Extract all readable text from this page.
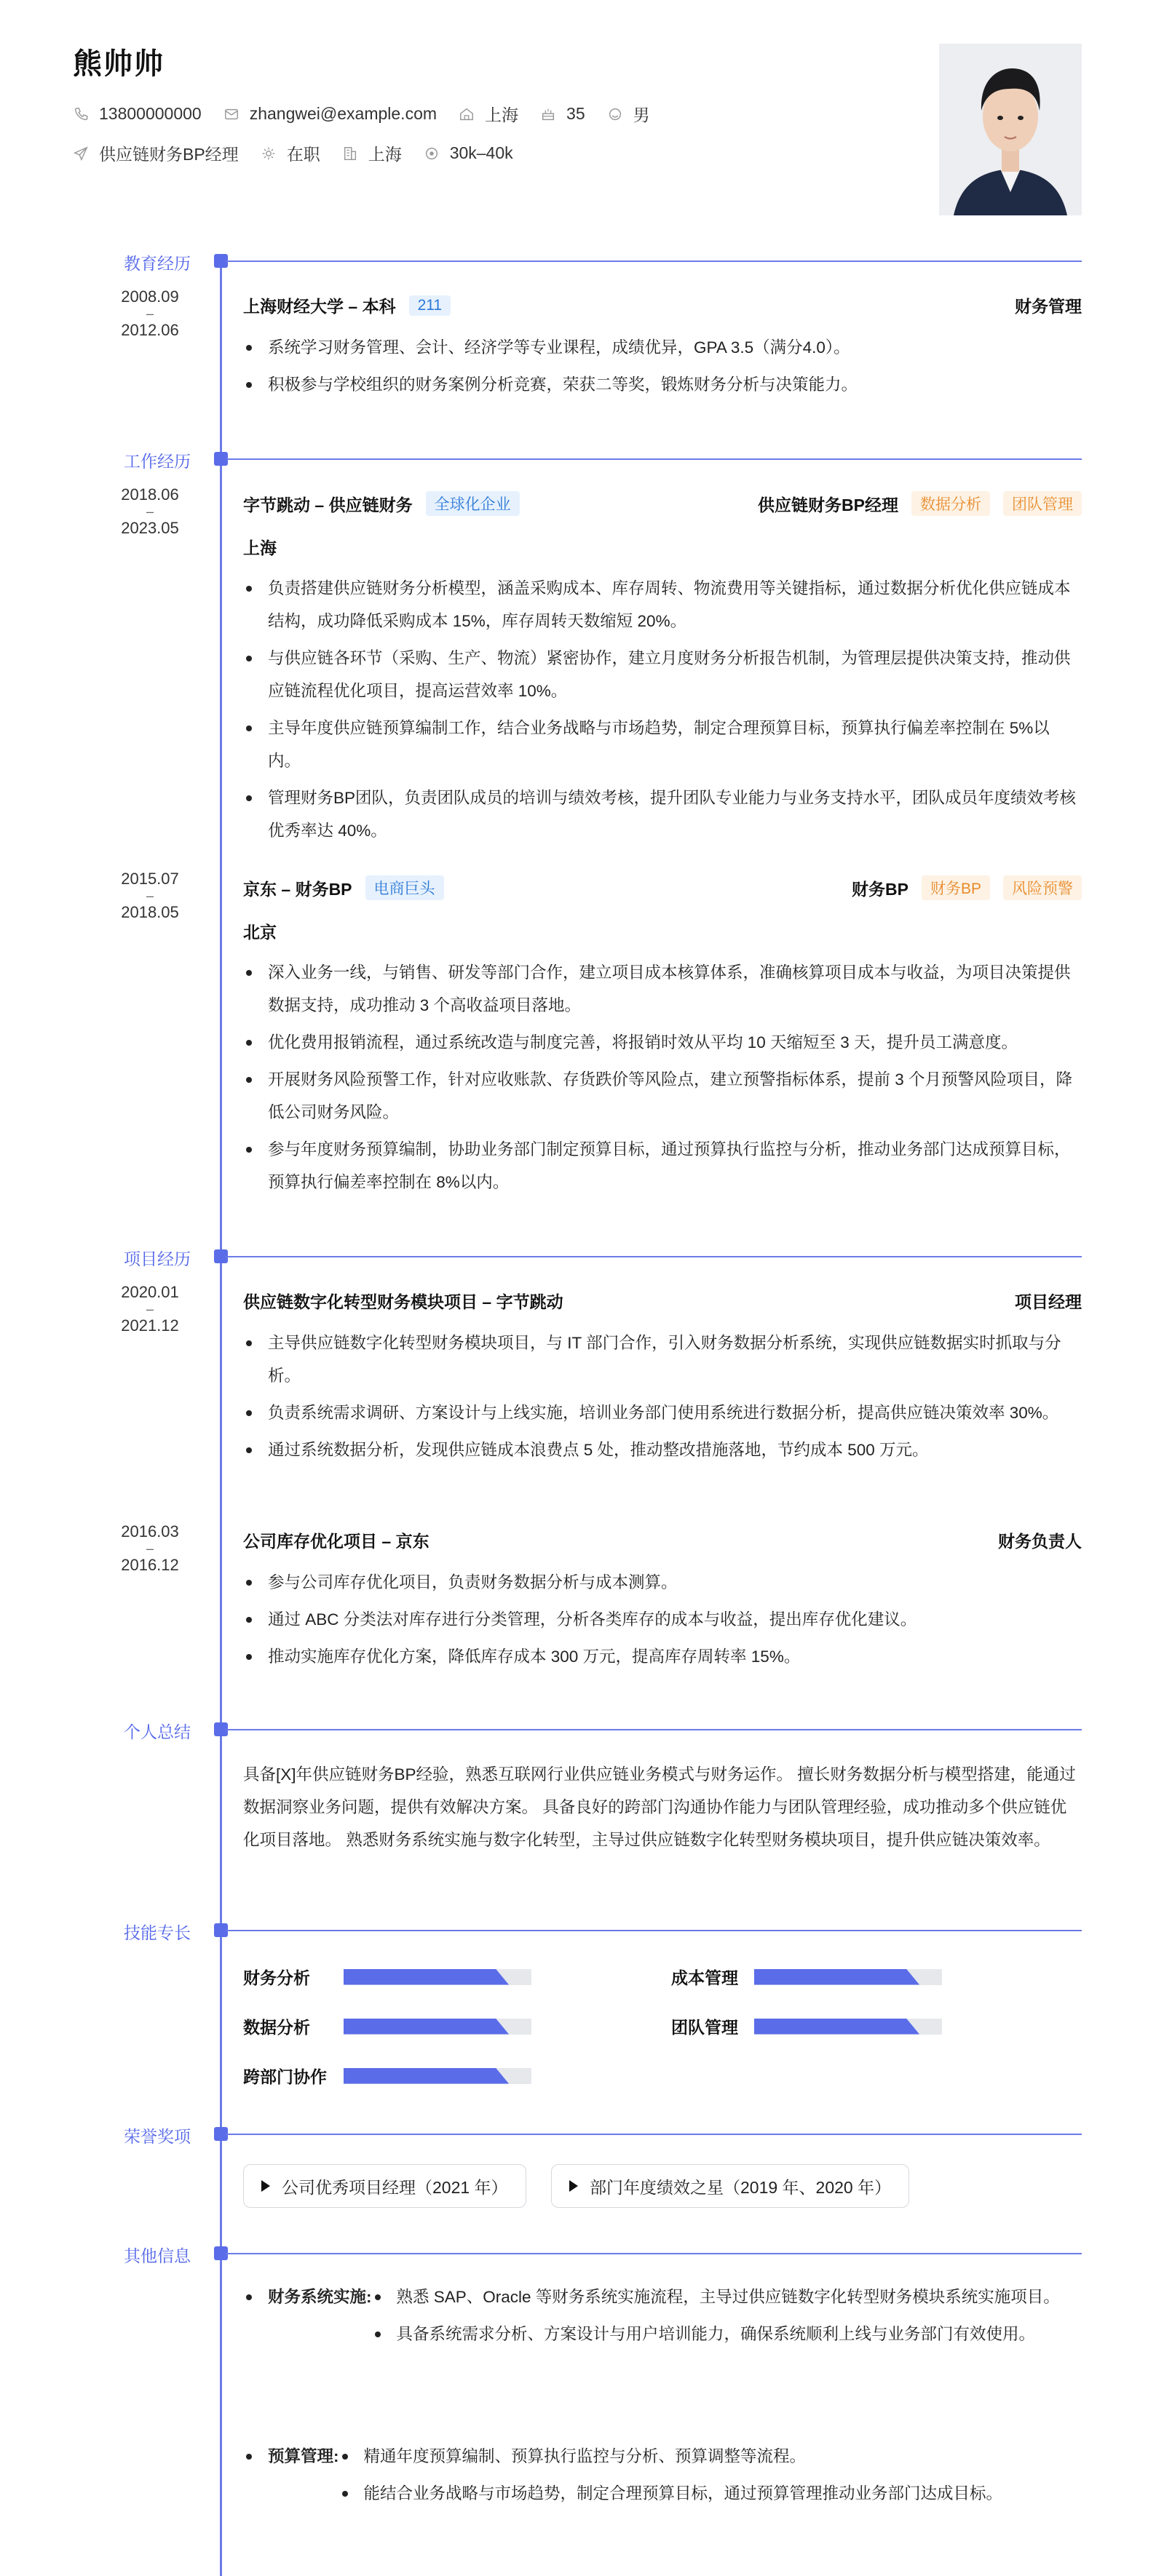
熊帅帅
13800000000	zhangwei@example.com	上海	35	男
供应链财务BP经理	在职	上海	30k–40k
教育经历
2008.09
–
2012.06
上海财经大学 – 本科	211	财务管理
系统学习财务管理、会计、经济学等专业课程，成绩优异，GPA 3.5（满分4.0）。
积极参与学校组织的财务案例分析竞赛，荣获二等奖，锻炼财务分析与决策能力。
工作经历
2018.06
–
2023.05
字节跳动 – 供应链财务	全球化企业	供应链财务BP经理	数据分析	团队管理
上海
负责搭建供应链财务分析模型，涵盖采购成本、库存周转、物流费用等关键指标，通过数据分析优化供应链成本结构，成功降低采购成本 15%，库存周转天数缩短 20%。
与供应链各环节（采购、生产、物流）紧密协作，建立月度财务分析报告机制，为管理层提供决策支持，推动供应链流程优化项目，提高运营效率 10%。
主导年度供应链预算编制工作，结合业务战略与市场趋势，制定合理预算目标，预算执行偏差率控制在 5%以内。
管理财务BP团队，负责团队成员的培训与绩效考核，提升团队专业能力与业务支持水平，团队成员年度绩效考核优秀率达 40%。
2015.07
–
2018.05
京东 – 财务BP	电商巨头	财务BP	财务BP	风险预警
北京
深入业务一线，与销售、研发等部门合作，建立项目成本核算体系，准确核算项目成本与收益，为项目决策提供数据支持，成功推动 3 个高收益项目落地。
优化费用报销流程，通过系统改造与制度完善，将报销时效从平均 10 天缩短至 3 天，提升员工满意度。
开展财务风险预警工作，针对应收账款、存货跌价等风险点，建立预警指标体系，提前 3 个月预警风险项目，降低公司财务风险。
参与年度财务预算编制，协助业务部门制定预算目标，通过预算执行监控与分析，推动业务部门达成预算目标，预算执行偏差率控制在 8%以内。
项目经历
2020.01
–
2021.12
供应链数字化转型财务模块项目 – 字节跳动	项目经理
主导供应链数字化转型财务模块项目，与 IT 部门合作，引入财务数据分析系统，实现供应链数据实时抓取与分析。
负责系统需求调研、方案设计与上线实施，培训业务部门使用系统进行数据分析，提高供应链决策效率 30%。
通过系统数据分析，发现供应链成本浪费点 5 处，推动整改措施落地，节约成本 500 万元。
2016.03
–
2016.12
公司库存优化项目 – 京东	财务负责人
参与公司库存优化项目，负责财务数据分析与成本测算。
通过 ABC 分类法对库存进行分类管理，分析各类库存的成本与收益，提出库存优化建议。
推动实施库存优化方案，降低库存成本 300 万元，提高库存周转率 15%。
个人总结
具备[X]年供应链财务BP经验，熟悉互联网行业供应链业务模式与财务运作。 擅长财务数据分析与模型搭建，能通过数据洞察业务问题，提供有效解决方案。 具备良好的跨部门沟通协作能力与团队管理经验，成功推动多个供应链优化项目落地。 熟悉财务系统实施与数字化转型，主导过供应链数字化转型财务模块项目，提升供应链决策效率。
技能专长
财务分析	成本管理
数据分析	团队管理
跨部门协作
荣誉奖项
公司优秀项目经理（2021 年）	部门年度绩效之星（2019 年、2020 年）
其他信息
财务系统实施:	熟悉 SAP、Oracle 等财务系统实施流程，主导过供应链数字化转型财务模块系统实施项目。
具备系统需求分析、方案设计与用户培训能力，确保系统顺利上线与业务部门有效使用。
预算管理:	精通年度预算编制、预算执行监控与分析、预算调整等流程。
能结合业务战略与市场趋势，制定合理预算目标，通过预算管理推动业务部门达成目标。
